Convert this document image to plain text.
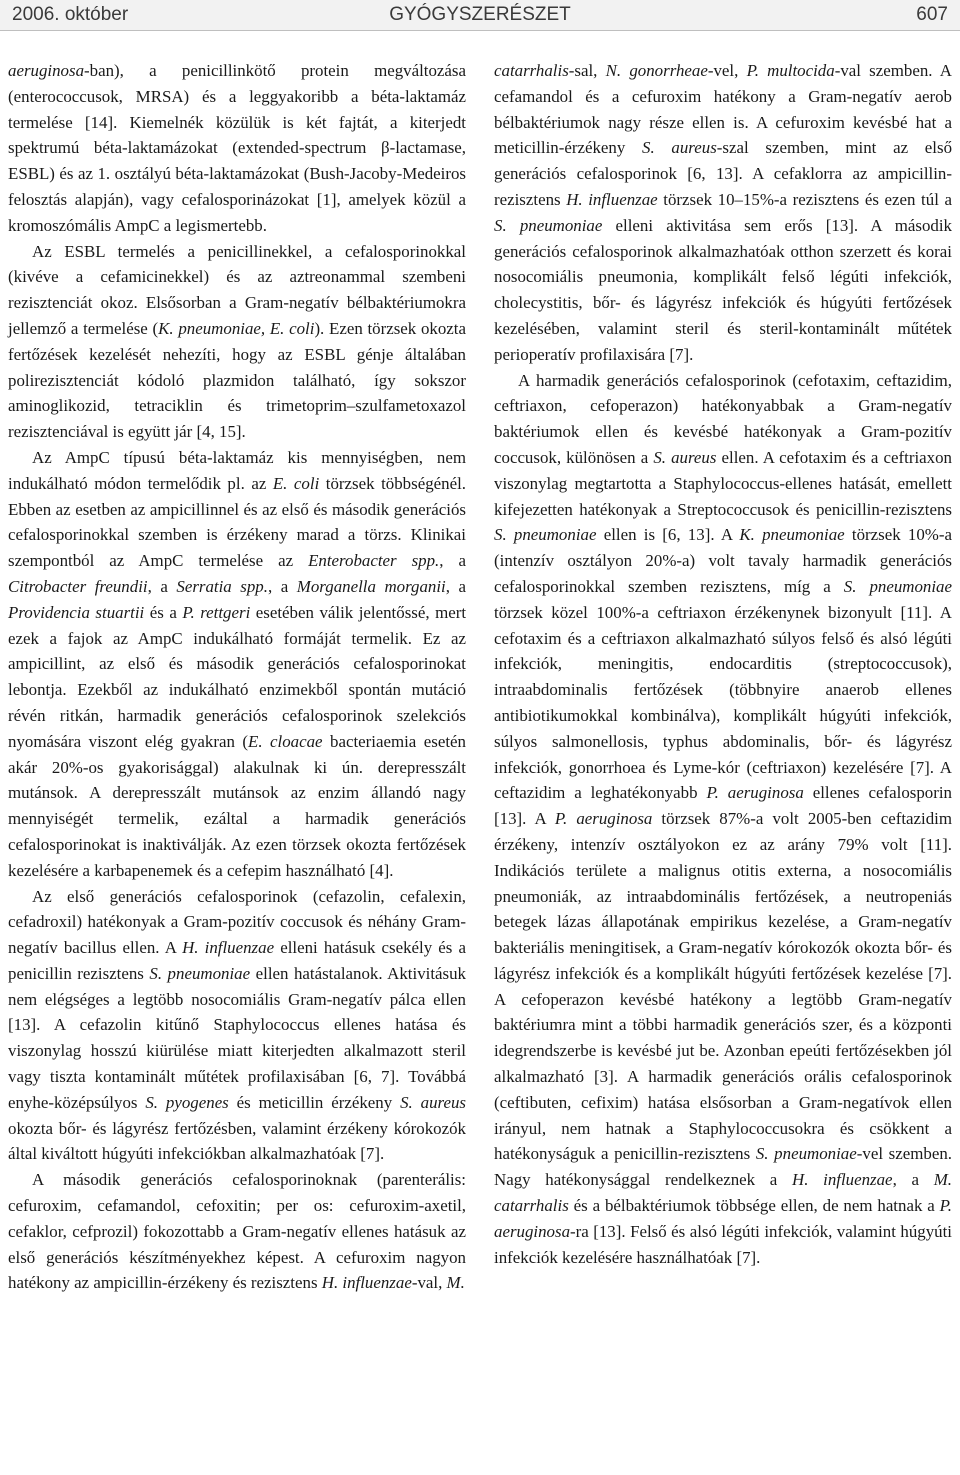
2006. október	GYÓGYSZERÉSZET	607

aeruginosa-ban), a penicillinkötő protein megváltozása (enterococcusok, MRSA) és a leggyakoribb a béta-laktamáz termelése [14]. Kiemelnék közülük is két fajtát, a kiterjedt spektrumú béta-laktamázokat (extended-spectrum β-lactamase, ESBL) és az 1. osztályú béta-laktamázokat (Bush-Jacoby-Medeiros felosztás alapján), vagy cefalosporinázokat [1], amelyek közül a kromoszómális AmpC a legismertebb.

Az ESBL termelés a penicillinekkel, a cefalosporinokkal (kivéve a cefamicinekkel) és az aztreonammal szembeni rezisztenciát okoz. Elsősorban a Gram-negatív bélbaktériumokra jellemző a termelése (K. pneumoniae, E. coli). Ezen törzsek okozta fertőzések kezelését nehezíti, hogy az ESBL génje általában polirezisztenciát kódoló plazmidon található, így sokszor aminoglikozid, tetraciklin és trimetoprim–szulfametoxazol rezisztenciával is együtt jár [4, 15].

Az AmpC típusú béta-laktamáz kis mennyiségben, nem indukálható módon termelődik pl. az E. coli törzsek többségénél. Ebben az esetben az ampicillinnel és az első és második generációs cefalosporinokkal szemben is érzékeny marad a törzs. Klinikai szempontból az AmpC termelése az Enterobacter spp., a Citrobacter freundii, a Serratia spp., a Morganella morganii, a Providencia stuartii és a P. rettgeri esetében válik jelentőssé, mert ezek a fajok az AmpC indukálható formáját termelik. Ez az ampicillint, az első és második generációs cefalosporinokat lebontja. Ezekből az indukálható enzimekből spontán mutáció révén ritkán, harmadik generációs cefalosporinok szelekciós nyomására viszont elég gyakran (E. cloacae bacteriaemia esetén akár 20%-os gyakorisággal) alakulnak ki ún. derepresszált mutánsok. A derepresszált mutánsok az enzim állandó nagy mennyiségét termelik, ezáltal a harmadik generációs cefalosporinokat is inaktiválják. Az ezen törzsek okozta fertőzések kezelésére a karbapenemek és a cefepim használható [4].

Az első generációs cefalosporinok (cefazolin, cefalexin, cefadroxil) hatékonyak a Gram-pozitív coccusok és néhány Gram-negatív bacillus ellen. A H. influenzae elleni hatásuk csekély és a penicillin rezisztens S. pneumoniae ellen hatástalanok. Aktivitásuk nem elégséges a legtöbb nosocomiális Gram-negatív pálca ellen [13]. A cefazolin kitűnő Staphylococcus ellenes hatása és viszonylag hosszú kiürülése miatt kiterjedten alkalmazott steril vagy tiszta kontaminált műtétek profilaxisában [6, 7]. Továbbá enyhe-középsúlyos S. pyogenes és meticillin érzékeny S. aureus okozta bőr- és lágyrész fertőzésben, valamint érzékeny kórokozók által kiváltott húgyúti infekciókban alkalmazhatóak [7].

A második generációs cefalosporinoknak (parenterális: cefuroxim, cefamandol, cefoxitin; per os: cefuroxim-axetil, cefaklor, cefprozil) fokozottabb a Gram-negatív ellenes hatásuk az első generációs készítményekhez képest. A cefuroxim nagyon hatékony az ampicillin-érzékeny és rezisztens H. influenzae-val, M.

catarrhalis-sal, N. gonorrheae-vel, P. multocida-val szemben. A cefamandol és a cefuroxim hatékony a Gram-negatív aerob bélbaktériumok nagy része ellen is. A cefuroxim kevésbé hat a meticillin-érzékeny S. aureus-szal szemben, mint az első generációs cefalosporinok [6, 13]. A cefaklorra az ampicillin-rezisztens H. influenzae törzsek 10–15%-a rezisztens és ezen túl a S. pneumoniae elleni aktivitása sem erős [13]. A második generációs cefalosporinok alkalmazhatóak otthon szerzett és korai nosocomiális pneumonia, komplikált felső légúti infekciók, cholecystitis, bőr- és lágyrész infekciók és húgyúti fertőzések kezelésében, valamint steril és steril-kontaminált műtétek perioperatív profilaxisára [7].

A harmadik generációs cefalosporinok (cefotaxim, ceftazidim, ceftriaxon, cefoperazon) hatékonyabbak a Gram-negatív baktériumok ellen és kevésbé hatékonyak a Gram-pozitív coccusok, különösen a S. aureus ellen. A cefotaxim és a ceftriaxon viszonylag megtartotta a Staphylococcus-ellenes hatását, emellett kifejezetten hatékonyak a Streptococcusok és penicillin-rezisztens S. pneumoniae ellen is [6, 13]. A K. pneumoniae törzsek 10%-a (intenzív osztályon 20%-a) volt tavaly harmadik generációs cefalosporinokkal szemben rezisztens, míg a S. pneumoniae törzsek közel 100%-a ceftriaxon érzékenynek bizonyult [11]. A cefotaxim és a ceftriaxon alkalmazható súlyos felső és alsó légúti infekciók, meningitis, endocarditis (streptococcusok), intraabdominalis fertőzések (többnyire anaerob ellenes antibiotikumokkal kombinálva), komplikált húgyúti infekciók, súlyos salmonellosis, typhus abdominalis, bőr- és lágyrész infekciók, gonorrhoea és Lyme-kór (ceftriaxon) kezelésére [7]. A ceftazidim a leghatékonyabb P. aeruginosa ellenes cefalosporin [13]. A P. aeruginosa törzsek 87%-a volt 2005-ben ceftazidim érzékeny, intenzív osztályokon ez az arány 79% volt [11]. Indikációs területe a malignus otitis externa, a nosocomiális pneumoniák, az intraabdominális fertőzések, a neutropeniás betegek lázas állapotának empirikus kezelése, a Gram-negatív bakteriális meningitisek, a Gram-negatív kórokozók okozta bőr- és lágyrész infekciók és a komplikált húgyúti fertőzések kezelése [7]. A cefoperazon kevésbé hatékony a legtöbb Gram-negatív baktériumra mint a többi harmadik generációs szer, és a központi idegrendszerbe is kevésbé jut be. Azonban epeúti fertőzésekben jól alkalmazható [3]. A harmadik generációs orális cefalosporinok (ceftibuten, cefixim) hatása elsősorban a Gram-negatívok ellen irányul, nem hatnak a Staphylococcusokra és csökkent a hatékonyságuk a penicillin-rezisztens S. pneumoniae-vel szemben. Nagy hatékonysággal rendelkeznek a H. influenzae, a M. catarrhalis és a bélbaktériumok többsége ellen, de nem hatnak a P. aeruginosa-ra [13]. Felső és alsó légúti infekciók, valamint húgyúti infekciók kezelésére használhatóak [7].
